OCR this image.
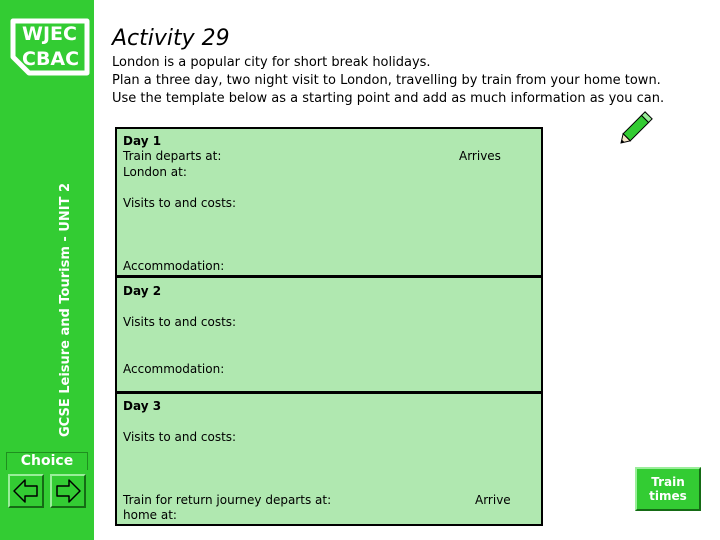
WJEC
CBAC
GCSE Leisure and Tourism - UNIT 2
Choice
Activity 29

London is a popular city for short break holidays.

Plan a three day, two night visit to London, travelling by train from your home town.

Use the template below as a starting point and add as much information as you can.

Day 1
Train departs at:	Arrives
London at:
Visits to and costs:
Accommodation:
Day 2
Visits to and costs:
Accommodation:
Day 3
Visits to and costs:
Train for return journey departs at:	Arrive
home at:
Train
times
